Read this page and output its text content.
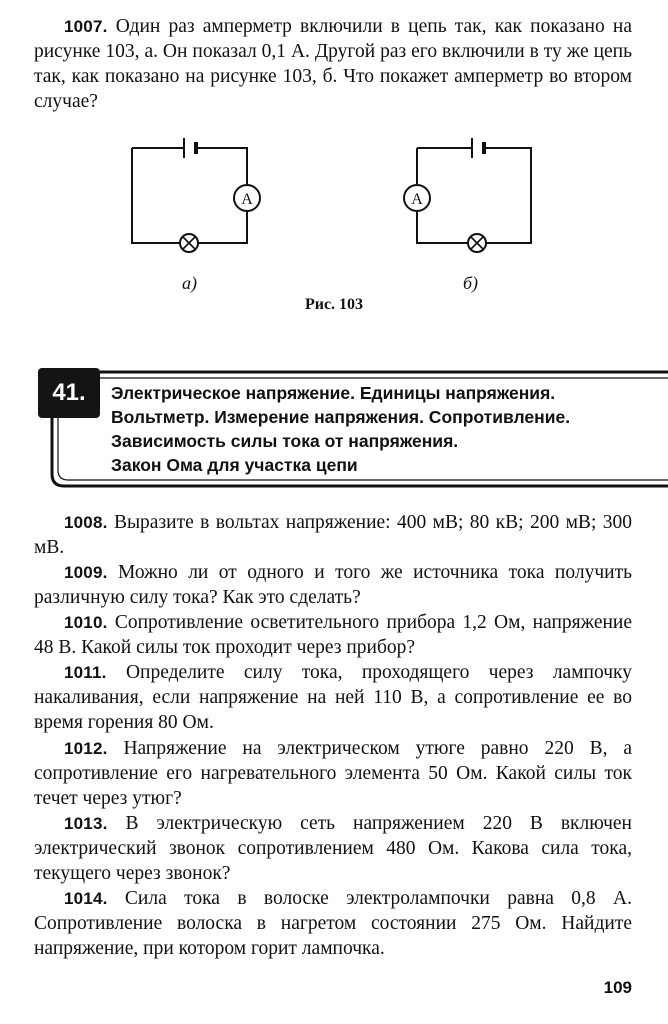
1007. Один раз амперметр включили в цепь так, как показано на рисунке 103, а. Он показал 0,1 А. Другой раз его включили в ту же цепь так, как показано на рисунке 103, б. Что покажет амперметр во втором случае?
A	A
а)	б)
Рис. 103
41.	Электрическое напряжение. Единицы напряжения.
Вольтметр. Измерение напряжения. Сопротивление.
Зависимость силы тока от напряжения.
Закон Ома для участка цепи
1008. Выразите в вольтах напряжение: 400 мВ; 80 кВ; 200 мВ; 300 мВ.
1009. Можно ли от одного и того же источника тока получить различную силу тока? Как это сделать?
1010. Сопротивление осветительного прибора 1,2 Ом, напряжение 48 В. Какой силы ток проходит через прибор?
1011. Определите силу тока, проходящего через лампочку накаливания, если напряжение на ней 110 В, а сопротивление ее во время горения 80 Ом.
1012. Напряжение на электрическом утюге равно 220 В, а сопротивление его нагревательного элемента 50 Ом. Какой силы ток течет через утюг?
1013. В электрическую сеть напряжением 220 В включен электрический звонок сопротивлением 480 Ом. Какова сила тока, текущего через звонок?
1014. Сила тока в волоске электролампочки равна 0,8 А. Сопротивление волоска в нагретом состоянии 275 Ом. Найдите напряжение, при котором горит лампочка.
109
